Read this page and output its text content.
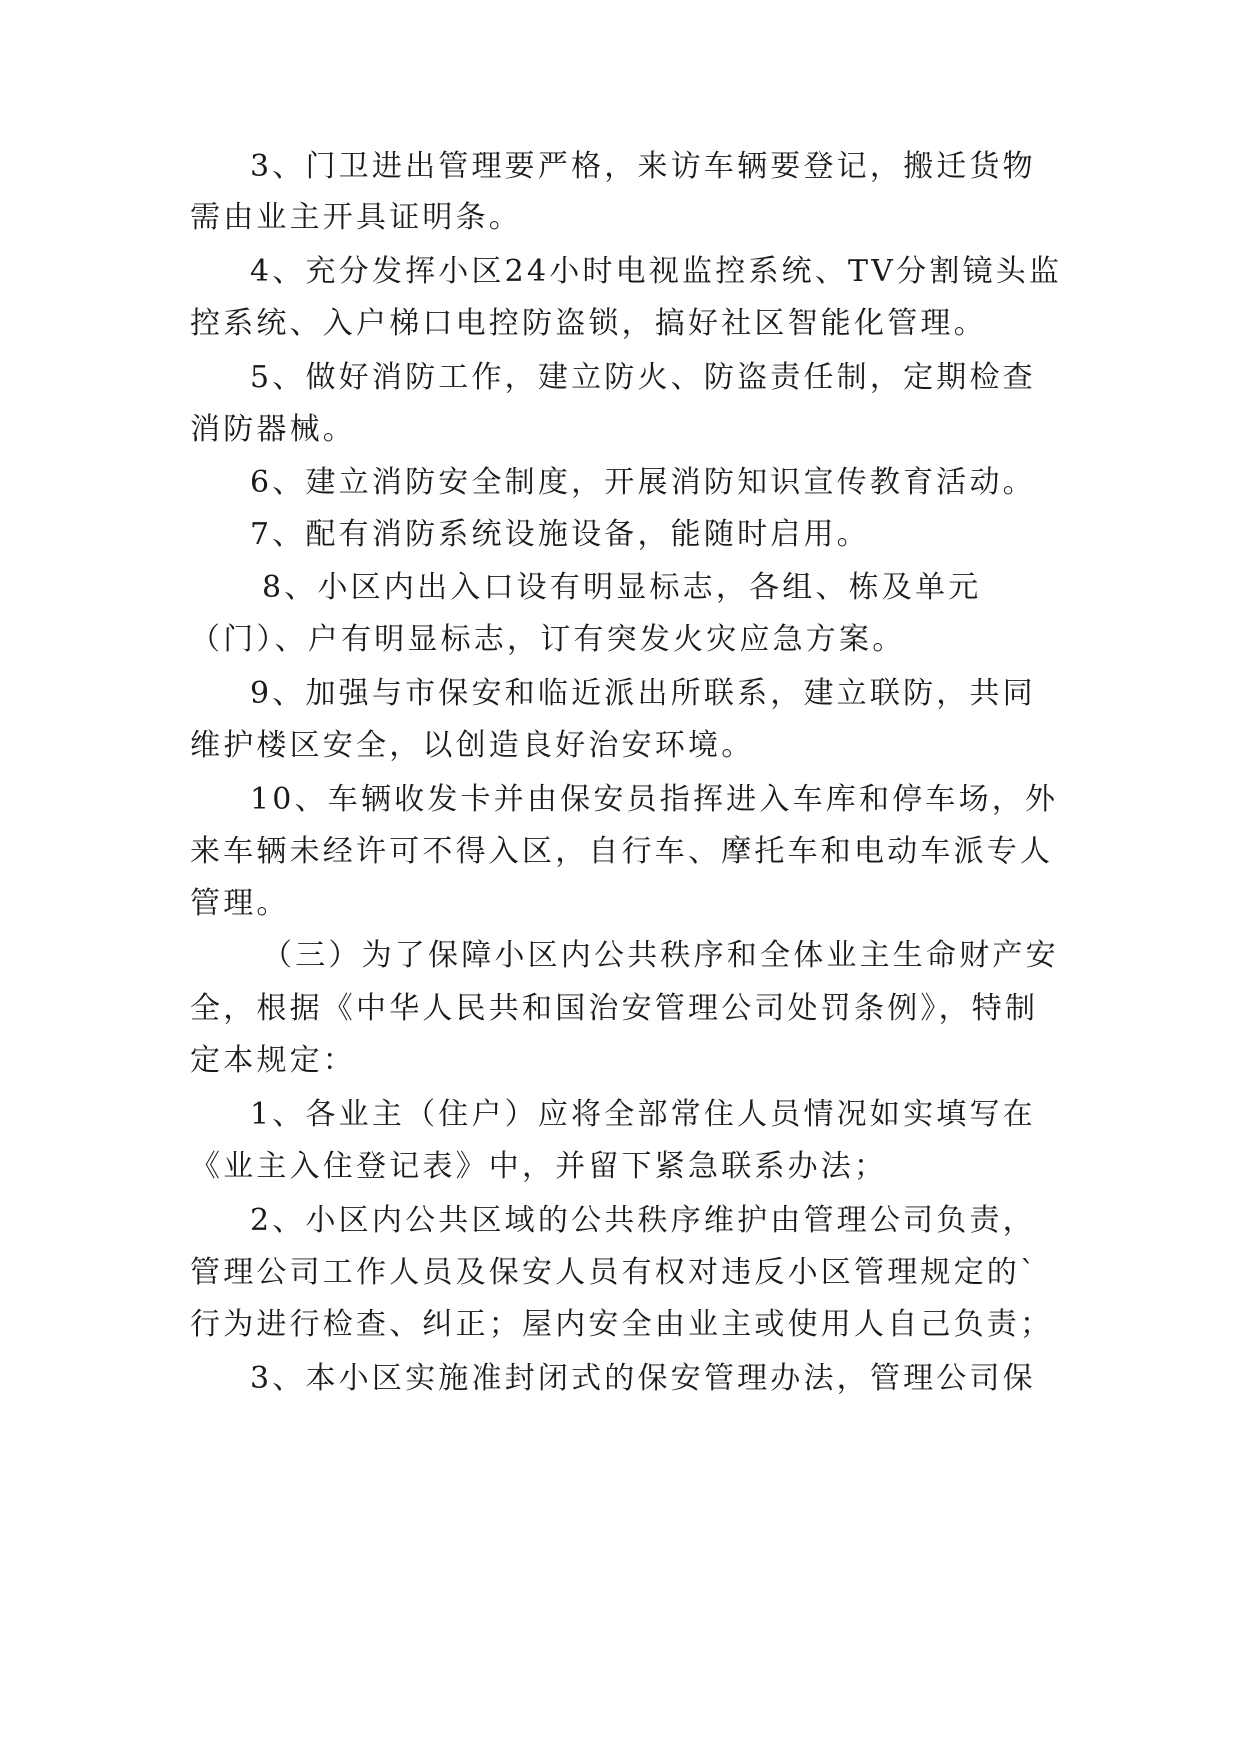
3、门卫进出管理要严格，来访车辆要登记，搬迁货物
需由业主开具证明条。
4、充分发挥小区24小时电视监控系统、TV分割镜头监
控系统、入户梯口电控防盗锁，搞好社区智能化管理。
5、做好消防工作，建立防火、防盗责任制，定期检查
消防器械。
6、建立消防安全制度，开展消防知识宣传教育活动。
7、配有消防系统设施设备，能随时启用。
8、小区内出入口设有明显标志，各组、栋及单元
（门）、户有明显标志，订有突发火灾应急方案。
9、加强与市保安和临近派出所联系，建立联防，共同
维护楼区安全，以创造良好治安环境。
10、车辆收发卡并由保安员指挥进入车库和停车场，外
来车辆未经许可不得入区，自行车、摩托车和电动车派专人
管理。
（三）为了保障小区内公共秩序和全体业主生命财产安
全，根据《中华人民共和国治安管理公司处罚条例》，特制
定本规定：
1、各业主（住户）应将全部常住人员情况如实填写在
《业主入住登记表》中，并留下紧急联系办法；
2、小区内公共区域的公共秩序维护由管理公司负责，
管理公司工作人员及保安人员有权对违反小区管理规定的`
行为进行检查、纠正；屋内安全由业主或使用人自己负责；
3、本小区实施准封闭式的保安管理办法，管理公司保
